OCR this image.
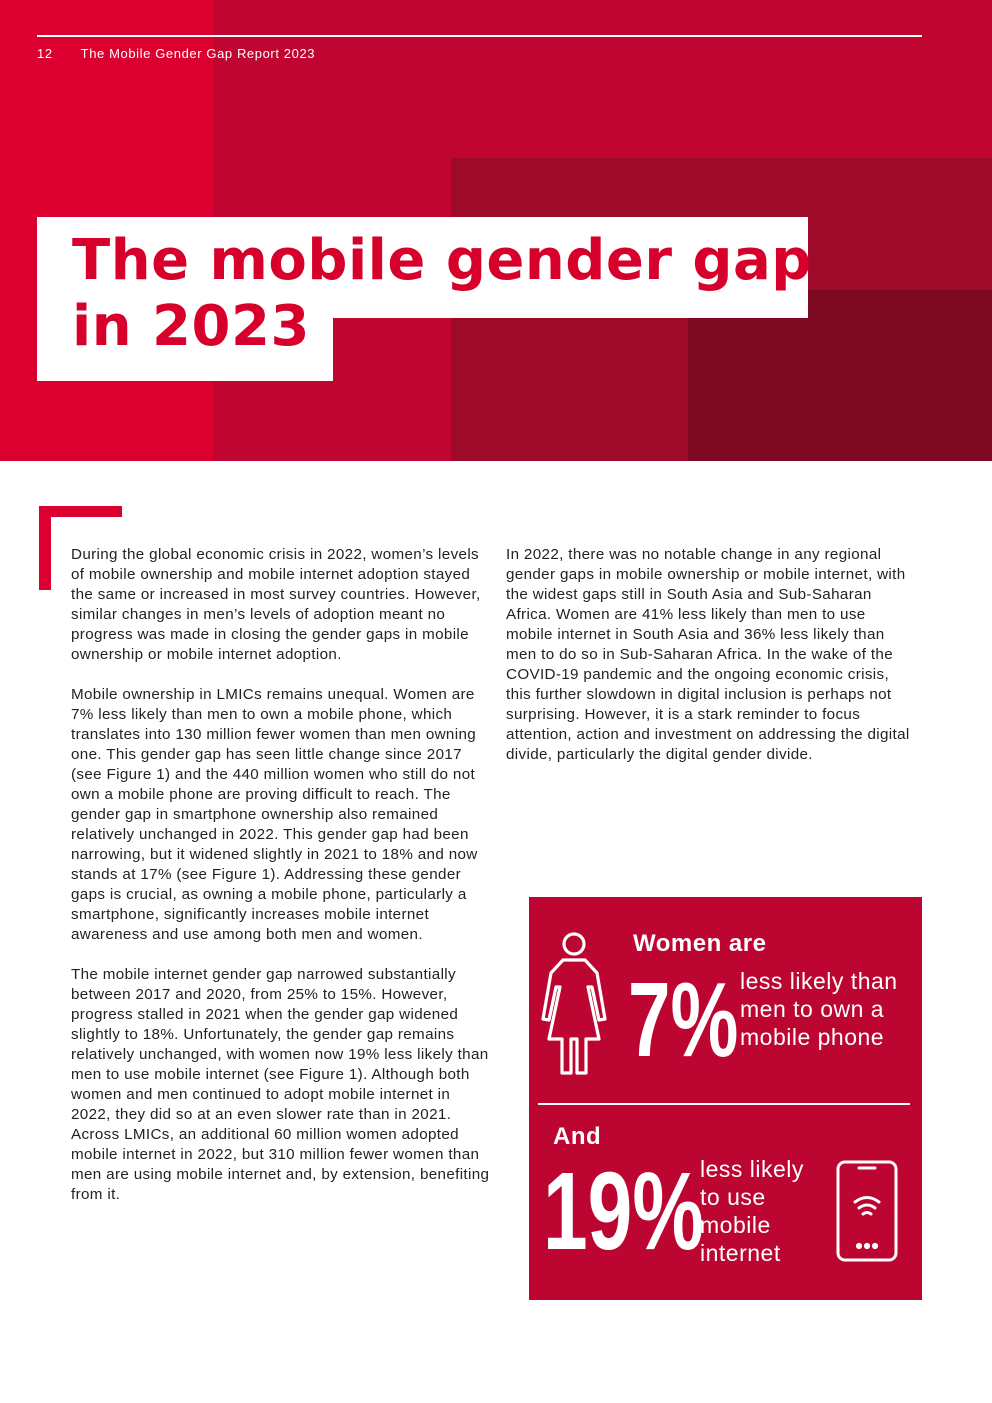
12 The Mobile Gender Gap Report 2023
The mobile gender gap
in 2023

During the global economic crisis in 2022, women’s levels of mobile ownership and mobile internet adoption stayed the same or increased in most survey countries. However, similar changes in men’s levels of adoption meant no progress was made in closing the gender gaps in mobile ownership or mobile internet adoption.

Mobile ownership in LMICs remains unequal. Women are 7% less likely than men to own a mobile phone, which translates into 130 million fewer women than men owning one. This gender gap has seen little change since 2017 (see Figure 1) and the 440 million women who still do not own a mobile phone are proving difficult to reach. The gender gap in smartphone ownership also remained relatively unchanged in 2022. This gender gap had been narrowing, but it widened slightly in 2021 to 18% and now stands at 17% (see Figure 1). Addressing these gender gaps is crucial, as owning a mobile phone, particularly a smartphone, significantly increases mobile internet awareness and use among both men and women.

The mobile internet gender gap narrowed substantially between 2017 and 2020, from 25% to 15%. However, progress stalled in 2021 when the gender gap widened slightly to 18%. Unfortunately, the gender gap remains relatively unchanged, with women now 19% less likely than men to use mobile internet (see Figure 1). Although both women and men continued to adopt mobile internet in 2022, they did so at an even slower rate than in 2021. Across LMICs, an additional 60 million women adopted mobile internet in 2022, but 310 million fewer women than men are using mobile internet and, by extension, benefiting from it.

In 2022, there was no notable change in any regional gender gaps in mobile ownership or mobile internet, with the widest gaps still in South Asia and Sub-Saharan Africa. Women are 41% less likely than men to use mobile internet in South Asia and 36% less likely than men to do so in Sub-Saharan Africa. In the wake of the COVID-19 pandemic and the ongoing economic crisis, this further slowdown in digital inclusion is perhaps not surprising. However, it is a stark reminder to focus attention, action and investment on addressing the digital divide, particularly the digital gender divide.

Women are
7% less likely than men to own a mobile phone
And
19%
less likely to use mobile internet
